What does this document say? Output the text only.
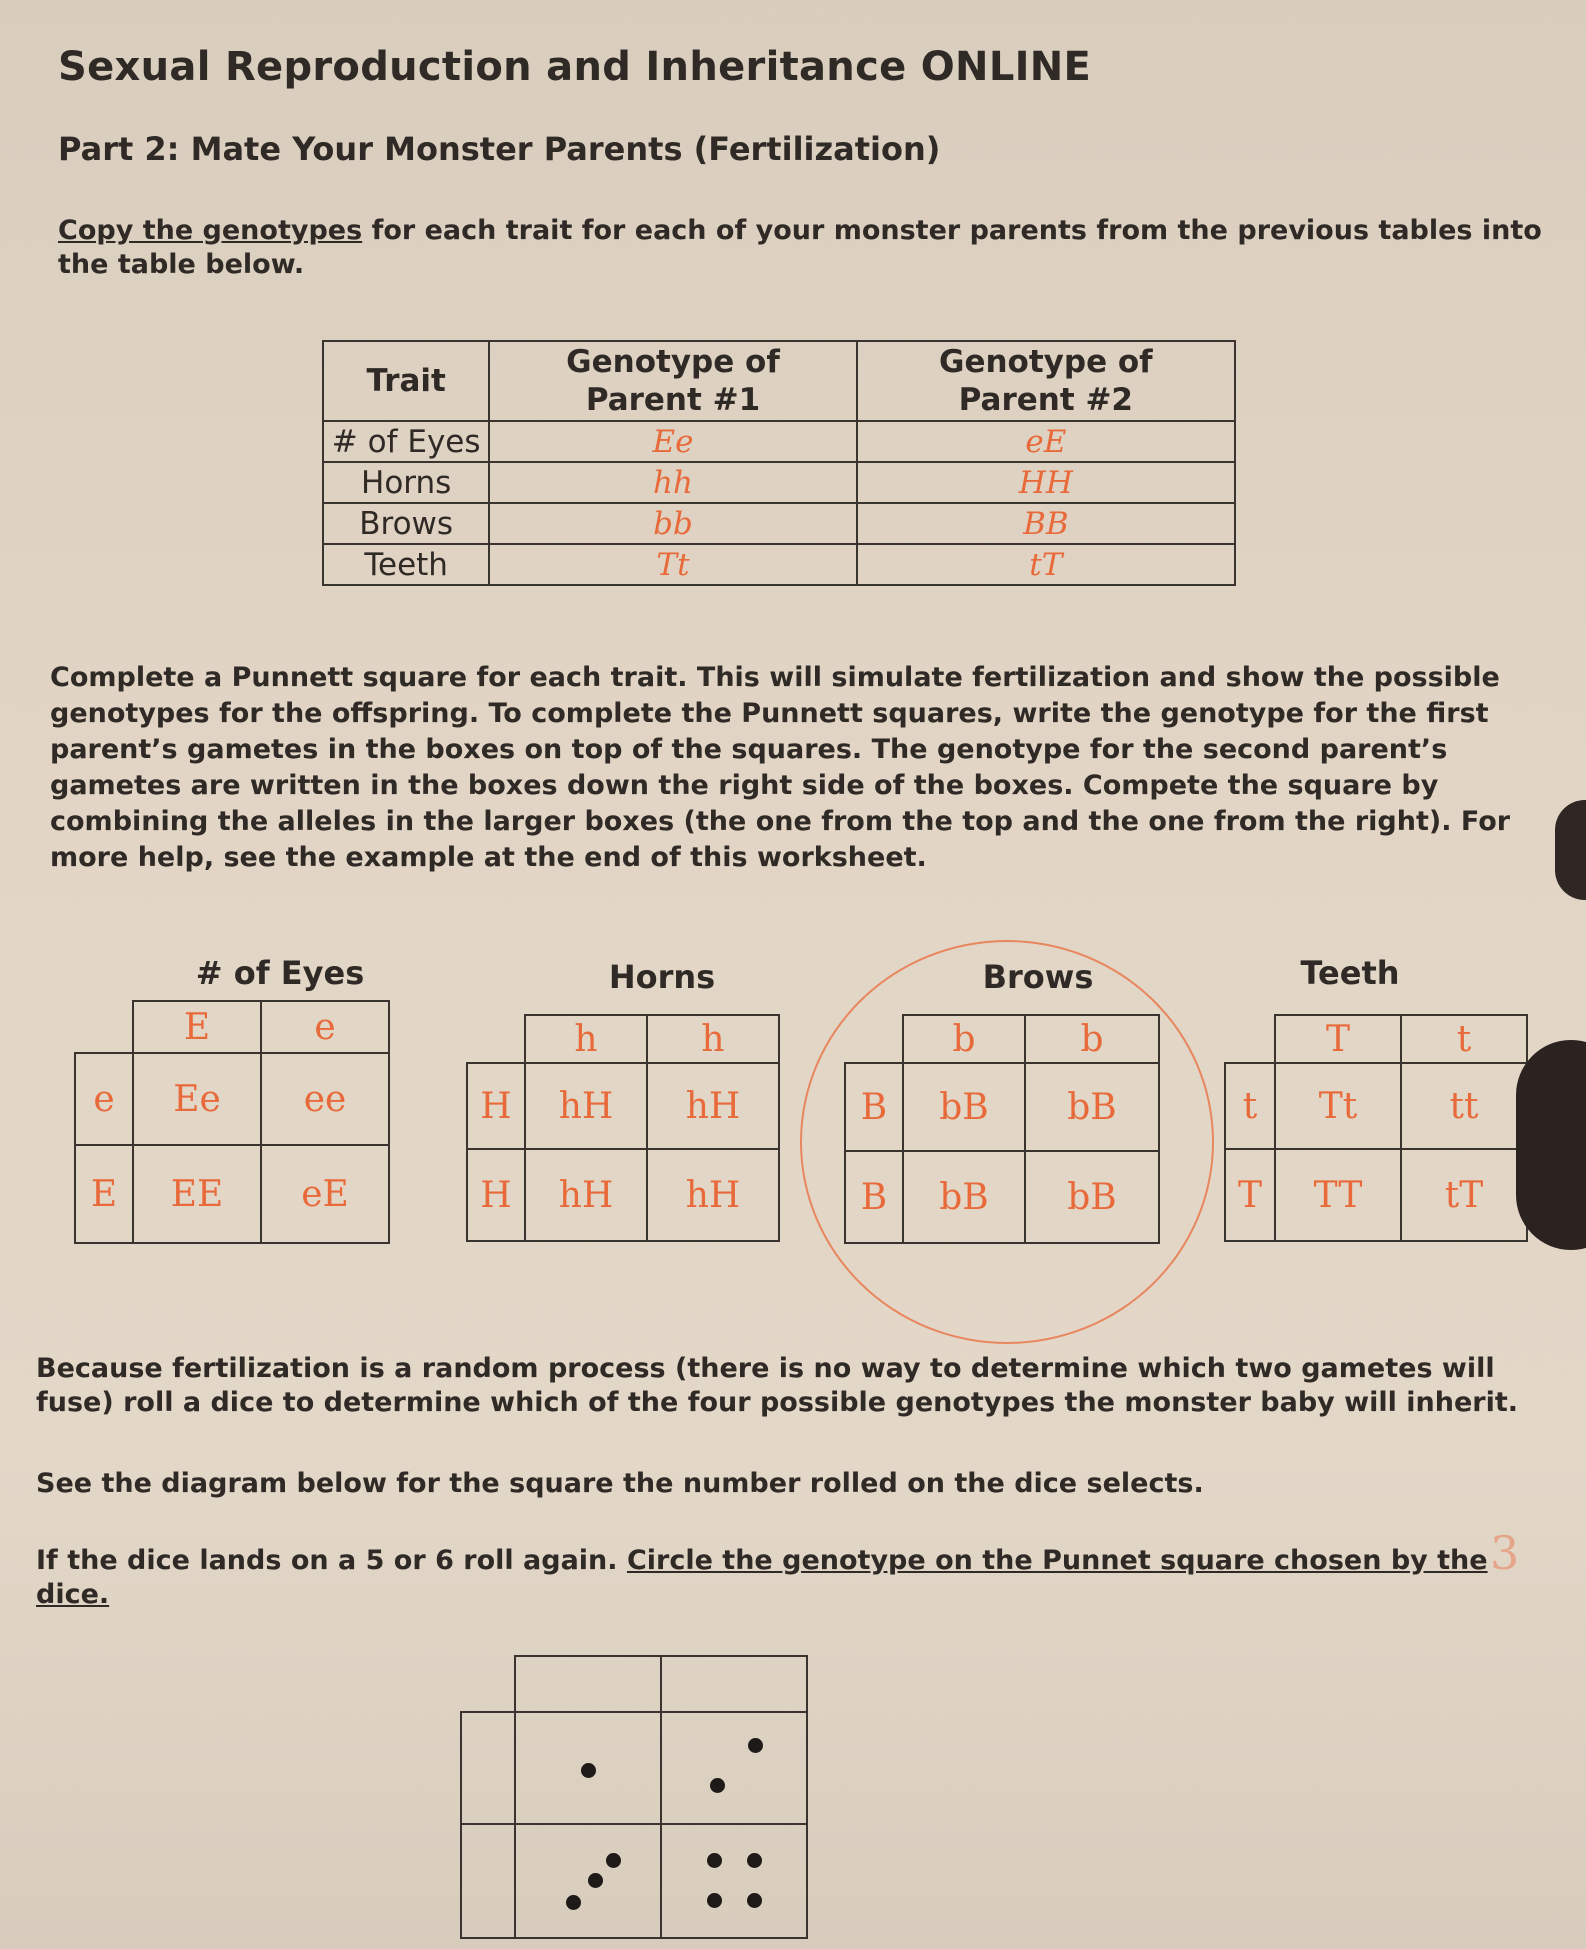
Sexual Reproduction and Inheritance ONLINE
Part 2: Mate Your Monster Parents (Fertilization)
Copy the genotypes for each trait for each of your monster parents from the previous tables into the table below.
Trait	Genotype of Parent #1	Genotype of Parent #2
# of Eyes	Ee	eE
Horns	hh	HH
Brows	bb	BB
Teeth	Tt	tT
Complete a Punnett square for each trait. This will simulate fertilization and show the possible genotypes for the offspring. To complete the Punnett squares, write the genotype for the first parent’s gametes in the boxes on top of the squares. The genotype for the second parent’s gametes are written in the boxes down the right side of the boxes. Compete the square by combining the alleles in the larger boxes (the one from the top and the one from the right). For more help, see the example at the end of this worksheet.
# of Eyes
	E	e
e	Ee	ee
E	EE	eE
Horns
	h	h
H	hH	hH
H	hH	hH
Brows
	b	b
B	bB	bB
B	bB	bB
Teeth
	T	t
t	Tt	tt
T	TT	tT
Because fertilization is a random process (there is no way to determine which two gametes will fuse) roll a dice to determine which of the four possible genotypes the monster baby will inherit.
See the diagram below for the square the number rolled on the dice selects.
If the dice lands on a 5 or 6 roll again. Circle the genotype on the Punnet square chosen by the dice.
3
